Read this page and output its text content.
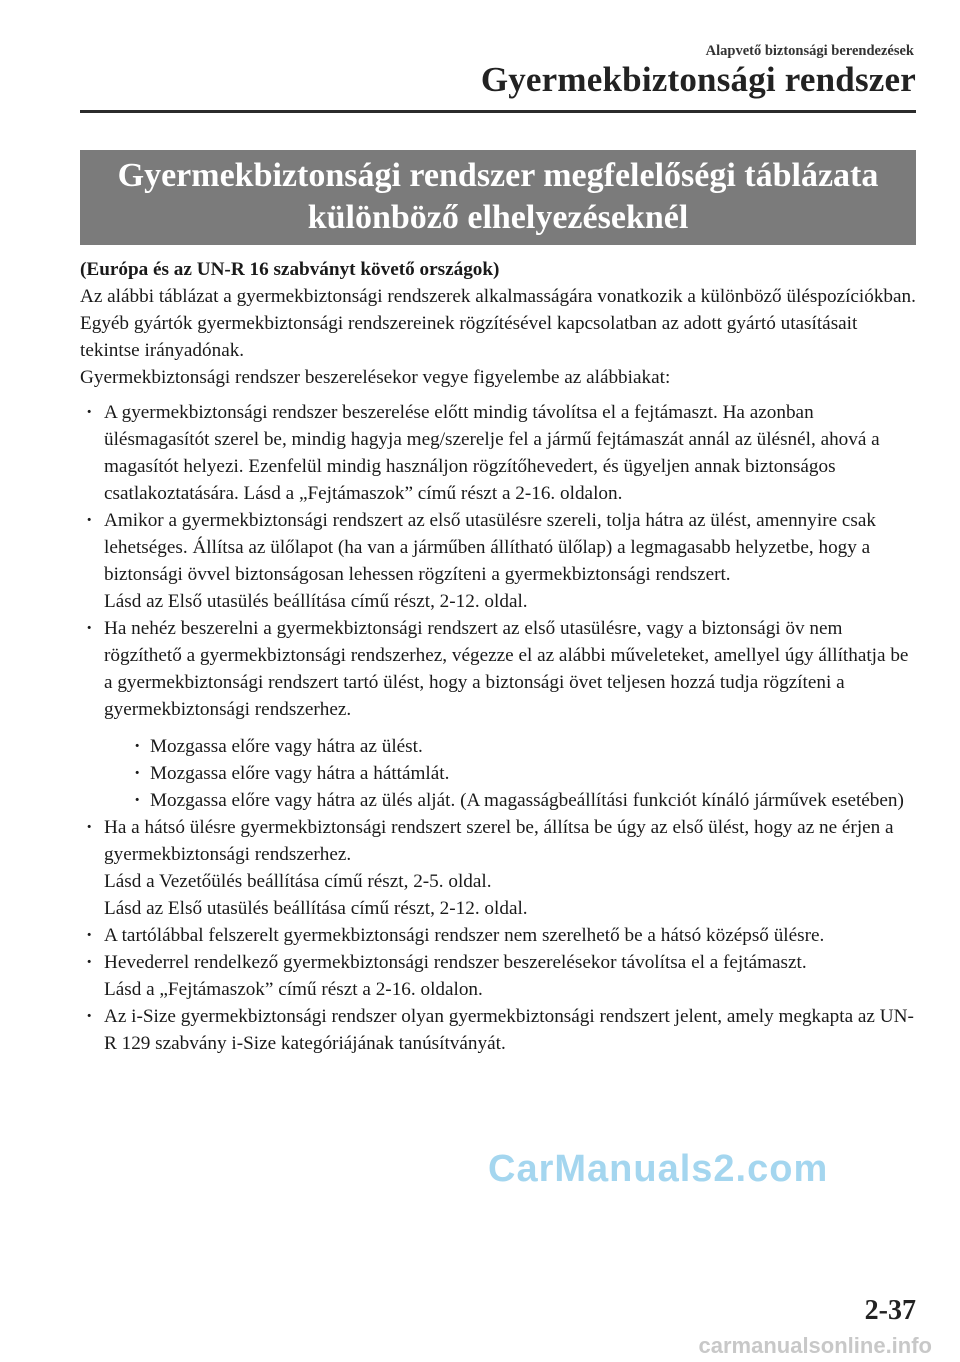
Alapvető biztonsági berendezések
Gyermekbiztonsági rendszer
Gyermekbiztonsági rendszer megfelelőségi táblázata
különböző elhelyezéseknél

(Európa és az UN-R 16 szabványt követő országok)

Az alábbi táblázat a gyermekbiztonsági rendszerek alkalmasságára vonatkozik a különböző üléspozíciókban. Egyéb gyártók gyermekbiztonsági rendszereinek rögzítésével kapcsolatban az adott gyártó utasításait tekintse irányadónak.

Gyermekbiztonsági rendszer beszerelésekor vegye figyelembe az alábbiakat:

· A gyermekbiztonsági rendszer beszerelése előtt mindig távolítsa el a fejtámaszt. Ha azonban ülésmagasítót szerel be, mindig hagyja meg/szerelje fel a jármű fejtámaszát annál az ülésnél, ahová a magasítót helyezi. Ezenfelül mindig használjon rögzítőhevedert, és ügyeljen annak biztonságos csatlakoztatására. Lásd a „Fejtámaszok” című részt a 2-16. oldalon.
· Amikor a gyermekbiztonsági rendszert az első utasülésre szereli, tolja hátra az ülést, amennyire csak lehetséges. Állítsa az ülőlapot (ha van a járműben állítható ülőlap) a legmagasabb helyzetbe, hogy a biztonsági övvel biztonságosan lehessen rögzíteni a gyermekbiztonsági rendszert.
Lásd az Első utasülés beállítása című részt, 2-12. oldal.
· Ha nehéz beszerelni a gyermekbiztonsági rendszert az első utasülésre, vagy a biztonsági öv nem rögzíthető a gyermekbiztonsági rendszerhez, végezze el az alábbi műveleteket, amellyel úgy állíthatja be a gyermekbiztonsági rendszert tartó ülést, hogy a biztonsági övet teljesen hozzá tudja rögzíteni a gyermekbiztonsági rendszerhez.
· Mozgassa előre vagy hátra az ülést.
· Mozgassa előre vagy hátra a háttámlát.
· Mozgassa előre vagy hátra az ülés alját. (A magasságbeállítási funkciót kínáló járművek esetében)
· Ha a hátsó ülésre gyermekbiztonsági rendszert szerel be, állítsa be úgy az első ülést, hogy az ne érjen a gyermekbiztonsági rendszerhez.
Lásd a Vezetőülés beállítása című részt, 2-5. oldal.
Lásd az Első utasülés beállítása című részt, 2-12. oldal.
· A tartólábbal felszerelt gyermekbiztonsági rendszer nem szerelhető be a hátsó középső ülésre.
· Hevederrel rendelkező gyermekbiztonsági rendszer beszerelésekor távolítsa el a fejtámaszt.
Lásd a „Fejtámaszok” című részt a 2-16. oldalon.
· Az i-Size gyermekbiztonsági rendszer olyan gyermekbiztonsági rendszert jelent, amely megkapta az UN-R 129 szabvány i-Size kategóriájának tanúsítványát.
CarManuals2.com
2-37
carmanualsonline.info
